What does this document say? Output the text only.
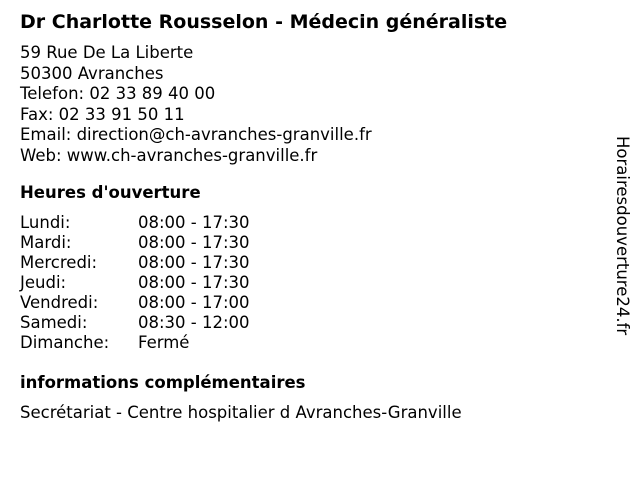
Dr Charlotte Rousselon - Médecin généraliste
59 Rue De La Liberte
50300 Avranches
Telefon: 02 33 89 40 00
Fax: 02 33 91 50 11
Email: direction@ch-avranches-granville.fr
Web: www.ch-avranches-granville.fr
Heures d'ouverture
Lundi:	08:00 - 17:30
Mardi:	08:00 - 17:30
Mercredi: 08:00 - 17:30
Jeudi:	08:00 - 17:30
Vendredi: 08:00 - 17:00
Samedi:	08:30 - 12:00
Dimanche: Fermé
informations complémentaires
Secrétariat - Centre hospitalier d Avranches-Granville
Horairesdouverture24.fr
